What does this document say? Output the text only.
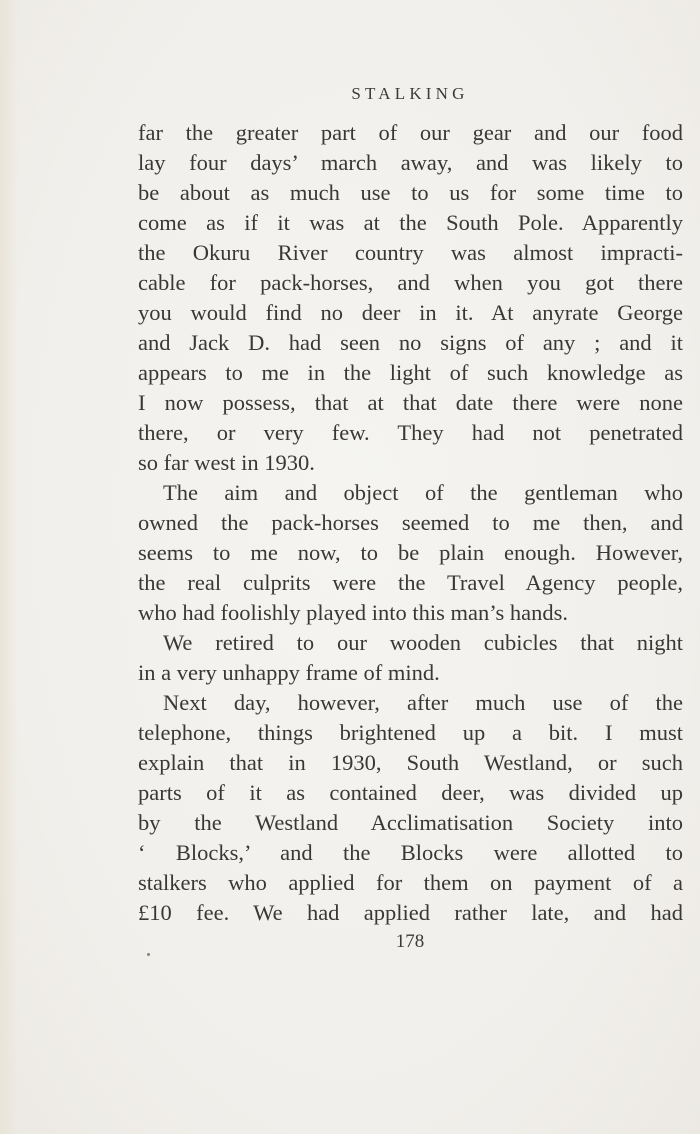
STALKING
far the greater part of our gear and our food
lay four days’ march away, and was likely to
be about as much use to us for some time to
come as if it was at the South Pole. Apparently
the Okuru River country was almost impracti-
cable for pack-horses, and when you got there
you would find no deer in it. At anyrate George
and Jack D. had seen no signs of any ; and it
appears to me in the light of such knowledge as
I now possess, that at that date there were none
there, or very few. They had not penetrated
so far west in 1930.
The aim and object of the gentleman who
owned the pack-horses seemed to me then, and
seems to me now, to be plain enough. However,
the real culprits were the Travel Agency people,
who had foolishly played into this man’s hands.
We retired to our wooden cubicles that night
in a very unhappy frame of mind.
Next day, however, after much use of the
telephone, things brightened up a bit. I must
explain that in 1930, South Westland, or such
parts of it as contained deer, was divided up
by the Westland Acclimatisation Society into
‘ Blocks,’ and the Blocks were allotted to
stalkers who applied for them on payment of a
£10 fee. We had applied rather late, and had
178
